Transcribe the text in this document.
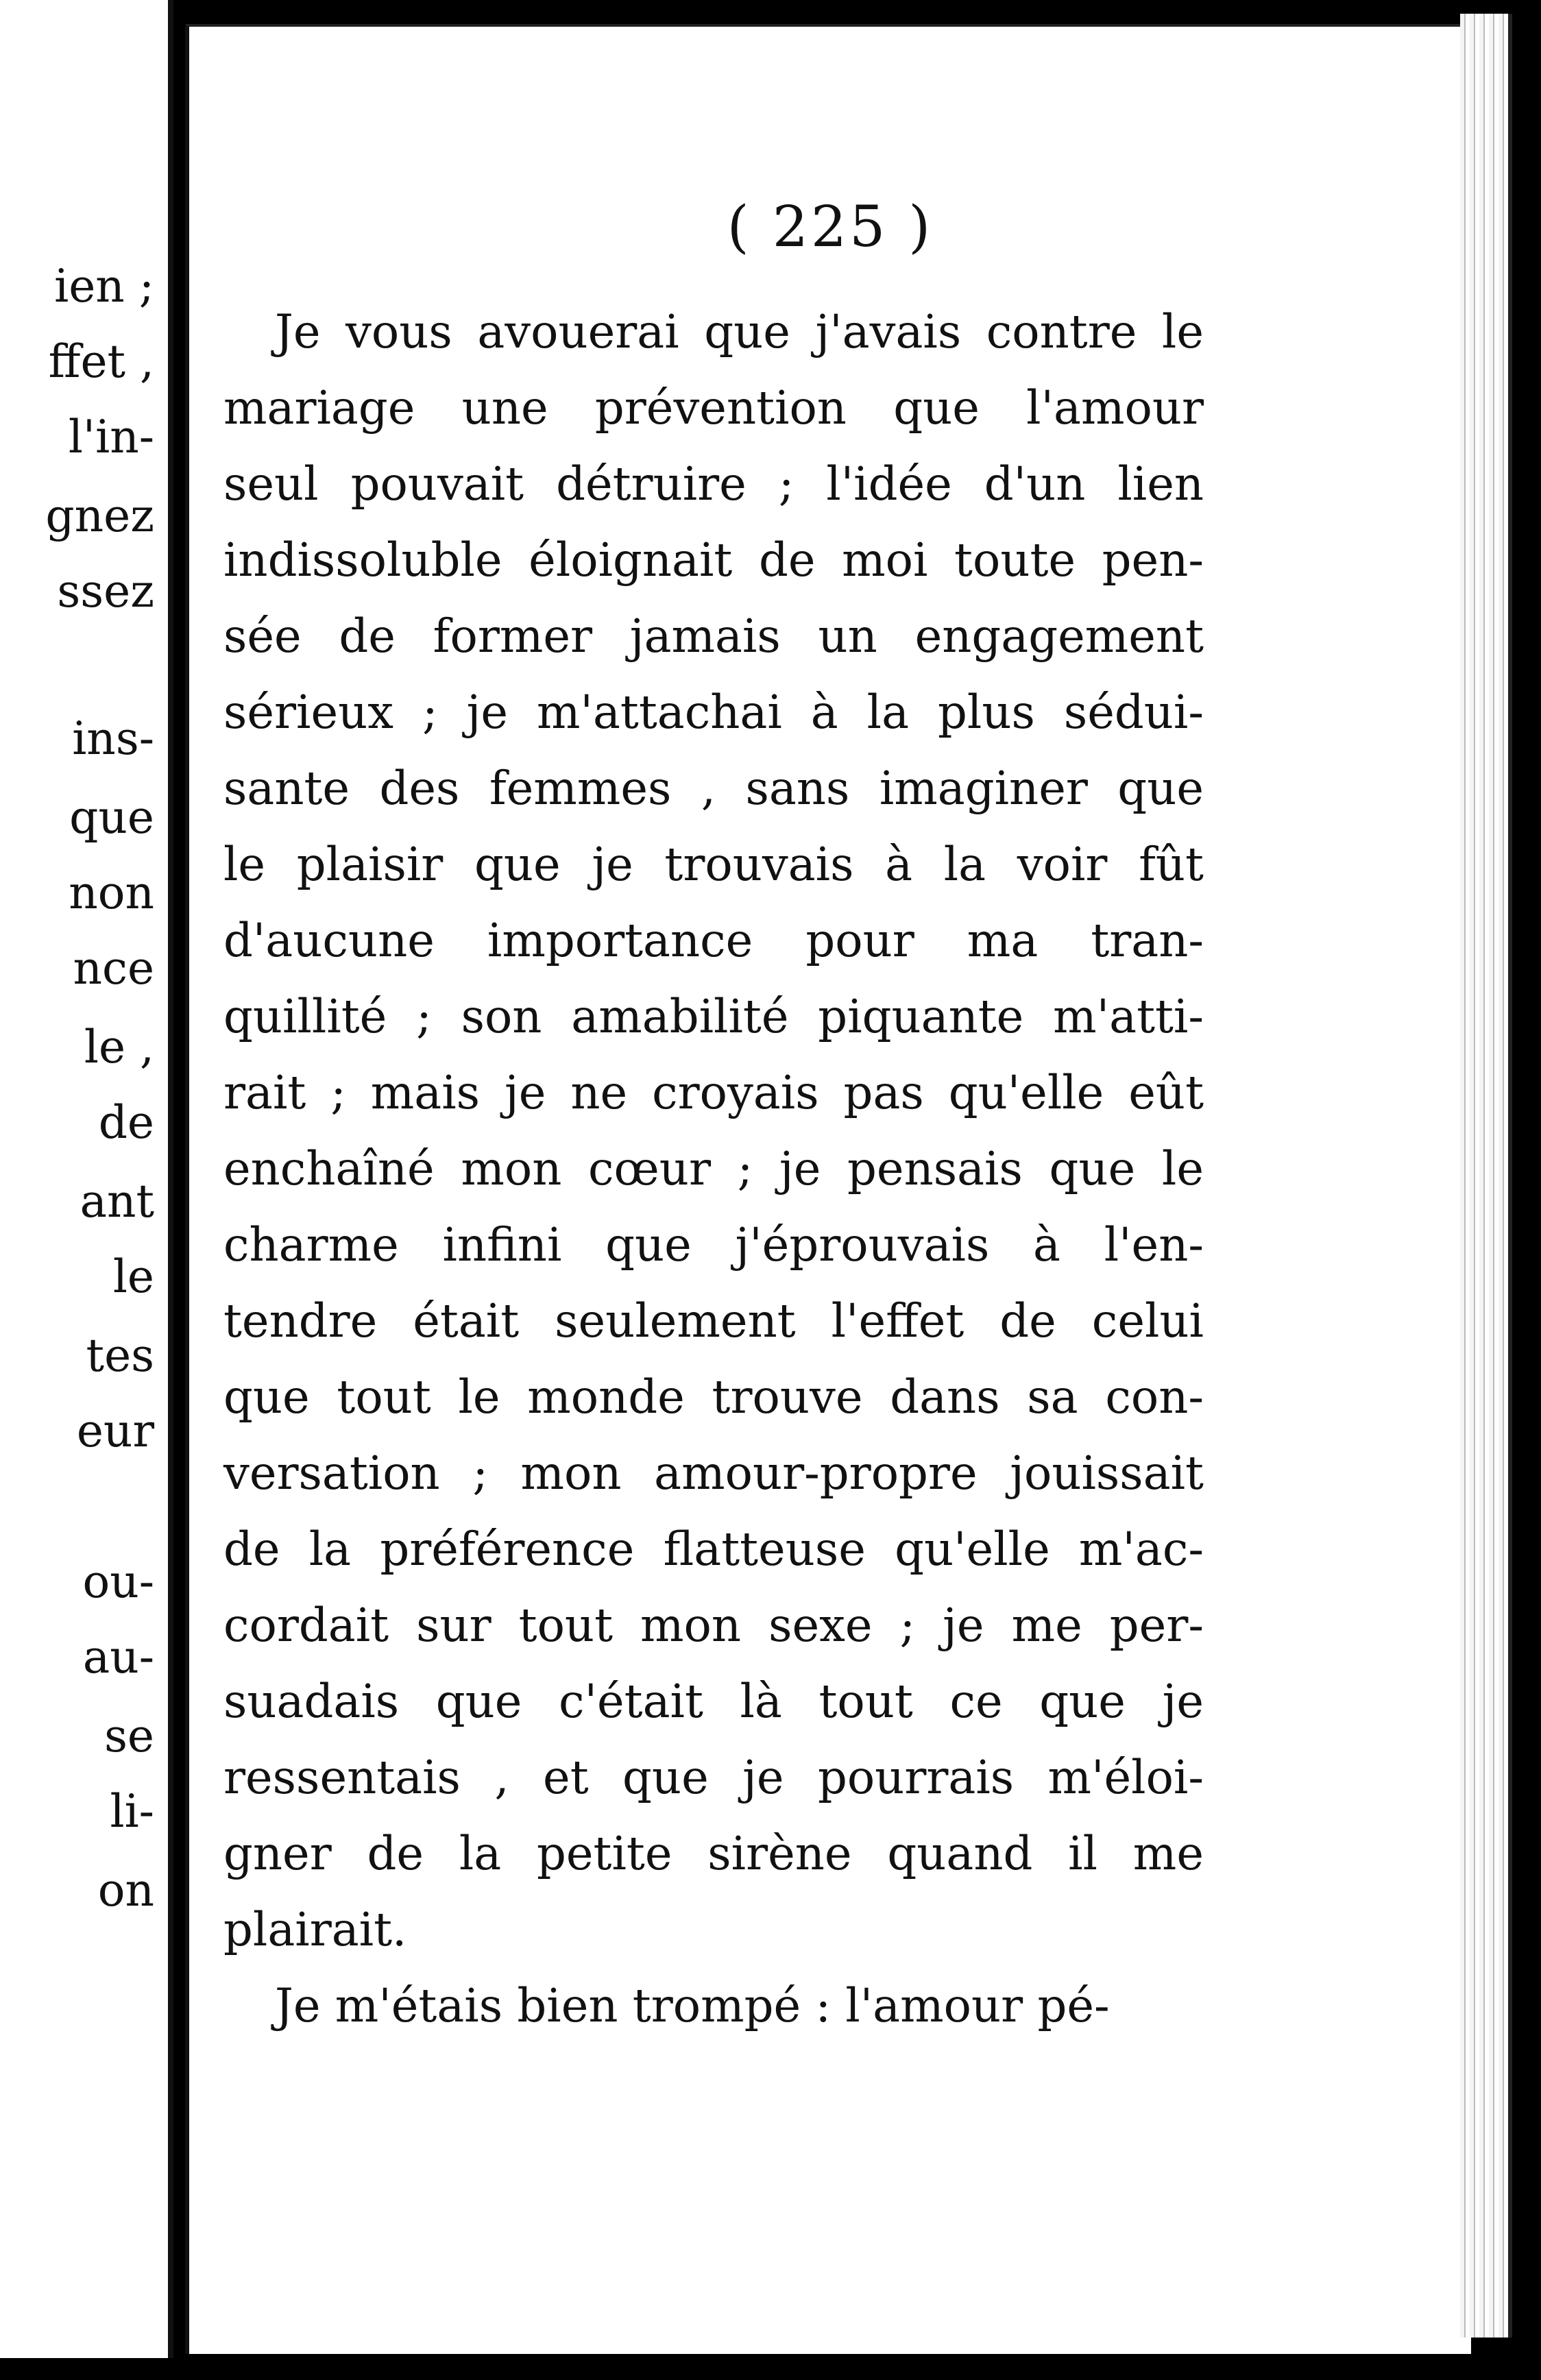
ien ;
ffet ,
l'in-
gnez
ssez
ins-
que
non
nce
le ,
de
ant
le
tes
eur
ou-
au-
se
li-
on
( 225 )

Je vous avouerai que j'avais contre le
mariage une prévention que l'amour
seul pouvait détruire ; l'idée d'un lien
indissoluble éloignait de moi toute pen-
sée de former jamais un engagement
sérieux ; je m'attachai à la plus sédui-
sante des femmes , sans imaginer que
le plaisir que je trouvais à la voir fût
d'aucune importance pour ma tran-
quillité ; son amabilité piquante m'atti-
rait ; mais je ne croyais pas qu'elle eût
enchaîné mon cœur ; je pensais que le
charme infini que j'éprouvais à l'en-
tendre était seulement l'effet de celui
que tout le monde trouve dans sa con-
versation ; mon amour-propre jouissait
de la préférence flatteuse qu'elle m'ac-
cordait sur tout mon sexe ; je me per-
suadais que c'était là tout ce que je
ressentais , et que je pourrais m'éloi-
gner de la petite sirène quand il me
plairait.

Je m'étais bien trompé : l'amour pé-
